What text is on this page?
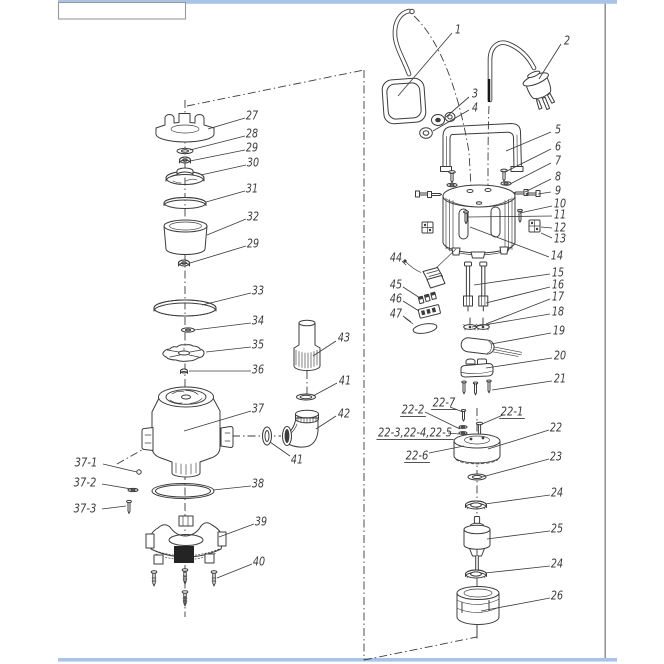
27
28
29
30
31
32
29
33
34
35
36
37
38
39
40
37-1
37-2
37-3
43
41
42
41
1
2
3
4
5
6
7
8
9
10
11
12
13
14
15
16
17
18
19
20
21
44
45
46
47
22-2 22-7
22-1
22-3,22-4,22-5
22-6
22
23
24
25
24
26
